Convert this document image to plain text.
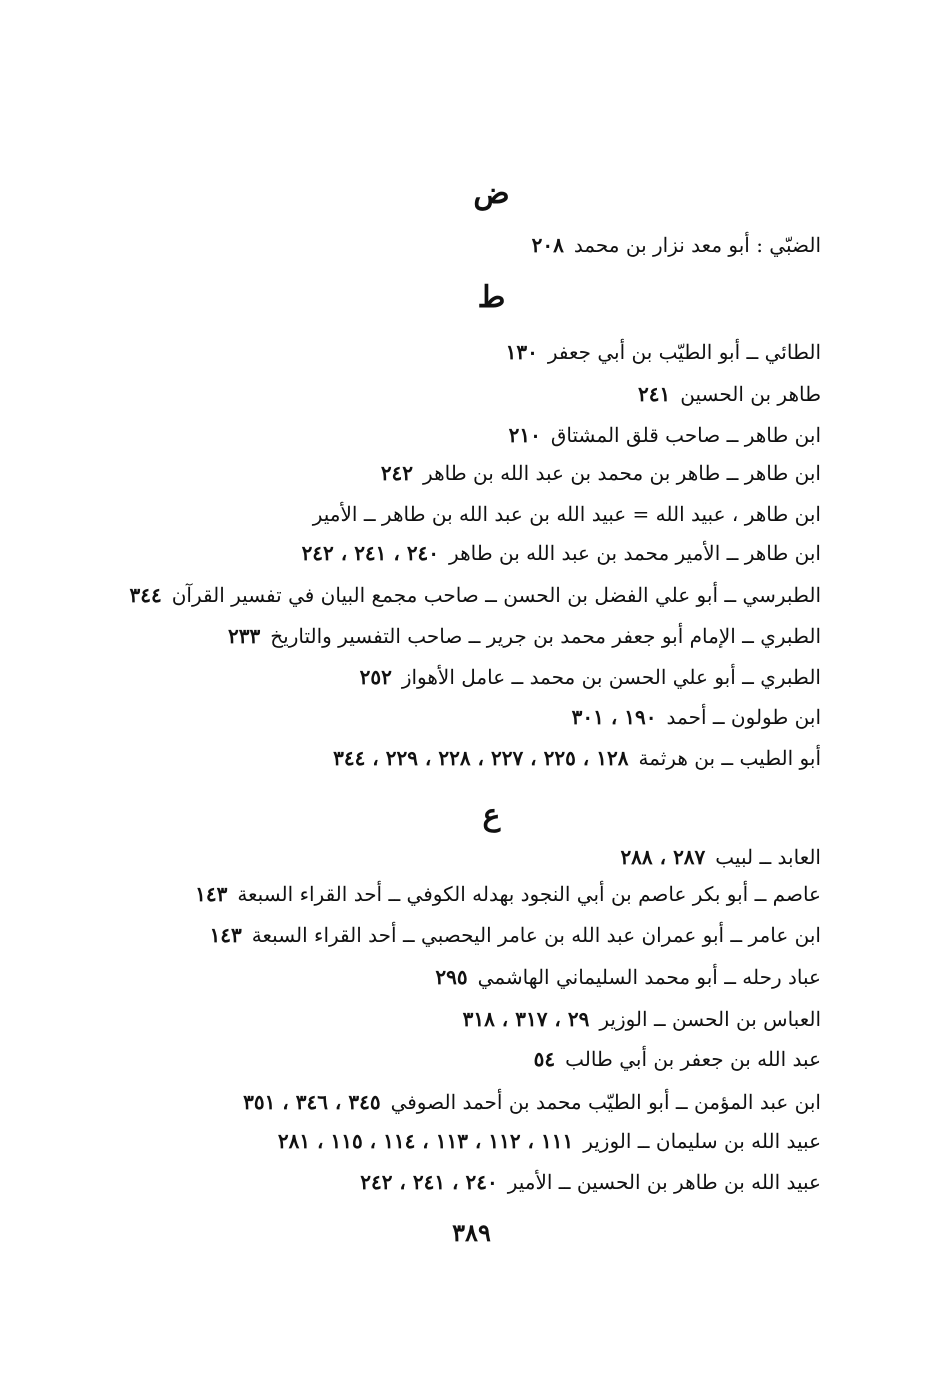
ض
الضبّي : أبو معد نزار بن محمد٢٠٨
ط
الطائي ــ أبو الطيّب بن أبي جعفر١٣٠
طاهر بن الحسين٢٤١
ابن طاهر ــ صاحب قلق المشتاق٢١٠
ابن طاهر ــ طاهر بن محمد بن عبد الله بن طاهر٢٤٢
ابن طاهر ، عبيد الله = عبيد الله بن عبد الله بن طاهر ــ الأمير
ابن طاهر ــ الأمير محمد بن عبد الله بن طاهر٢٤٠ ، ٢٤١ ، ٢٤٢
الطبرسي ــ أبو علي الفضل بن الحسن ــ صاحب مجمع البيان في تفسير القرآن٣٤٤
الطبري ــ الإمام أبو جعفر محمد بن جرير ــ صاحب التفسير والتاريخ٢٣٣
الطبري ــ أبو علي الحسن بن محمد ــ عامل الأهواز٢٥٢
ابن طولون ــ أحمد١٩٠ ، ٣٠١
أبو الطيب ــ بن هرثمة١٢٨ ، ٢٢٥ ، ٢٢٧ ، ٢٢٨ ، ٢٢٩ ، ٣٤٤
ع
العابد ــ لبيب٢٨٧ ، ٢٨٨
عاصم ــ أبو بكر عاصم بن أبي النجود بهدله الكوفي ــ أحد القراء السبعة١٤٣
ابن عامر ــ أبو عمران عبد الله بن عامر اليحصبي ــ أحد القراء السبعة١٤٣
عباد رحله ــ أبو محمد السليماني الهاشمي٢٩٥
العباس بن الحسن ــ الوزير٢٩ ، ٣١٧ ، ٣١٨
عبد الله بن جعفر بن أبي طالب٥٤
ابن عبد المؤمن ــ أبو الطيّب محمد بن أحمد الصوفي٣٤٥ ، ٣٤٦ ، ٣٥١
عبيد الله بن سليمان ــ الوزير١١١ ، ١١٢ ، ١١٣ ، ١١٤ ، ١١٥ ، ٢٨١
عبيد الله بن طاهر بن الحسين ــ الأمير٢٤٠ ، ٢٤١ ، ٢٤٢
٣٨٩
